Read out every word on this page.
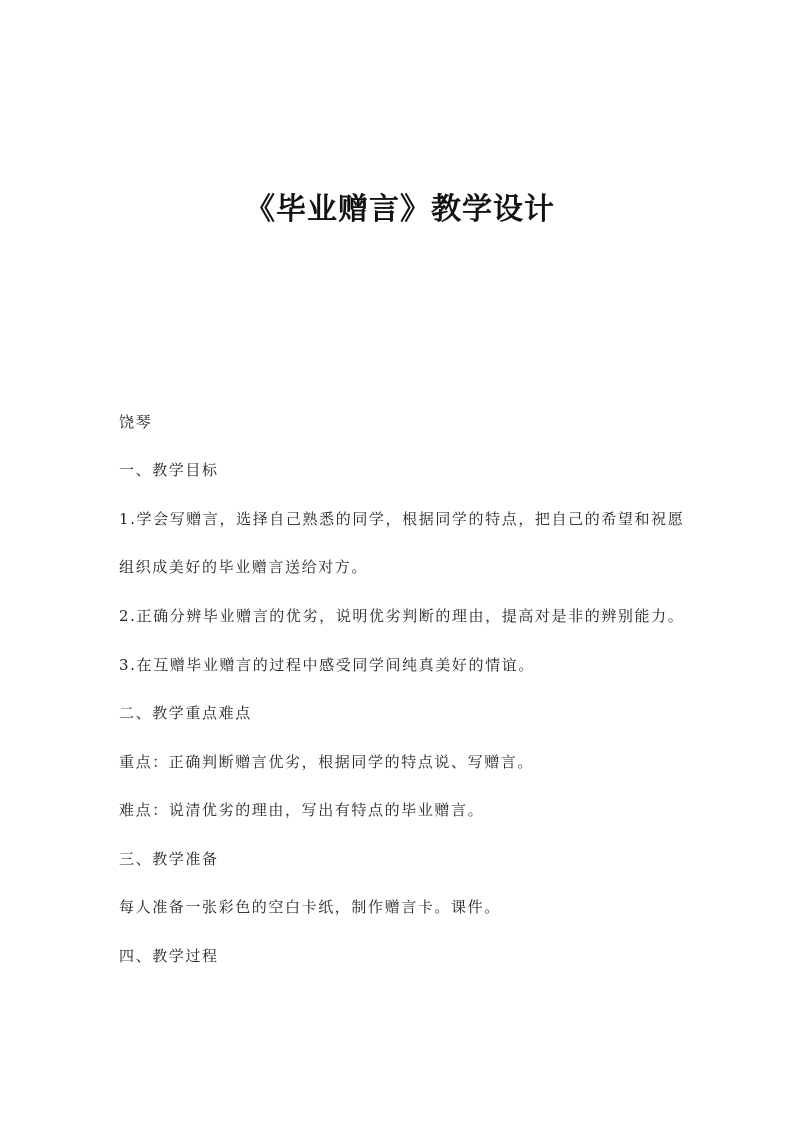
《毕业赠言》教学设计

饶琴

一、教学目标

1.学会写赠言，选择自己熟悉的同学，根据同学的特点，把自己的希望和祝愿

组织成美好的毕业赠言送给对方。

2.正确分辨毕业赠言的优劣，说明优劣判断的理由，提高对是非的辨别能力。

3.在互赠毕业赠言的过程中感受同学间纯真美好的情谊。

二、教学重点难点

重点：正确判断赠言优劣，根据同学的特点说、写赠言。

难点：说清优劣的理由，写出有特点的毕业赠言。

三、教学准备

每人准备一张彩色的空白卡纸，制作赠言卡。课件。

四、教学过程
